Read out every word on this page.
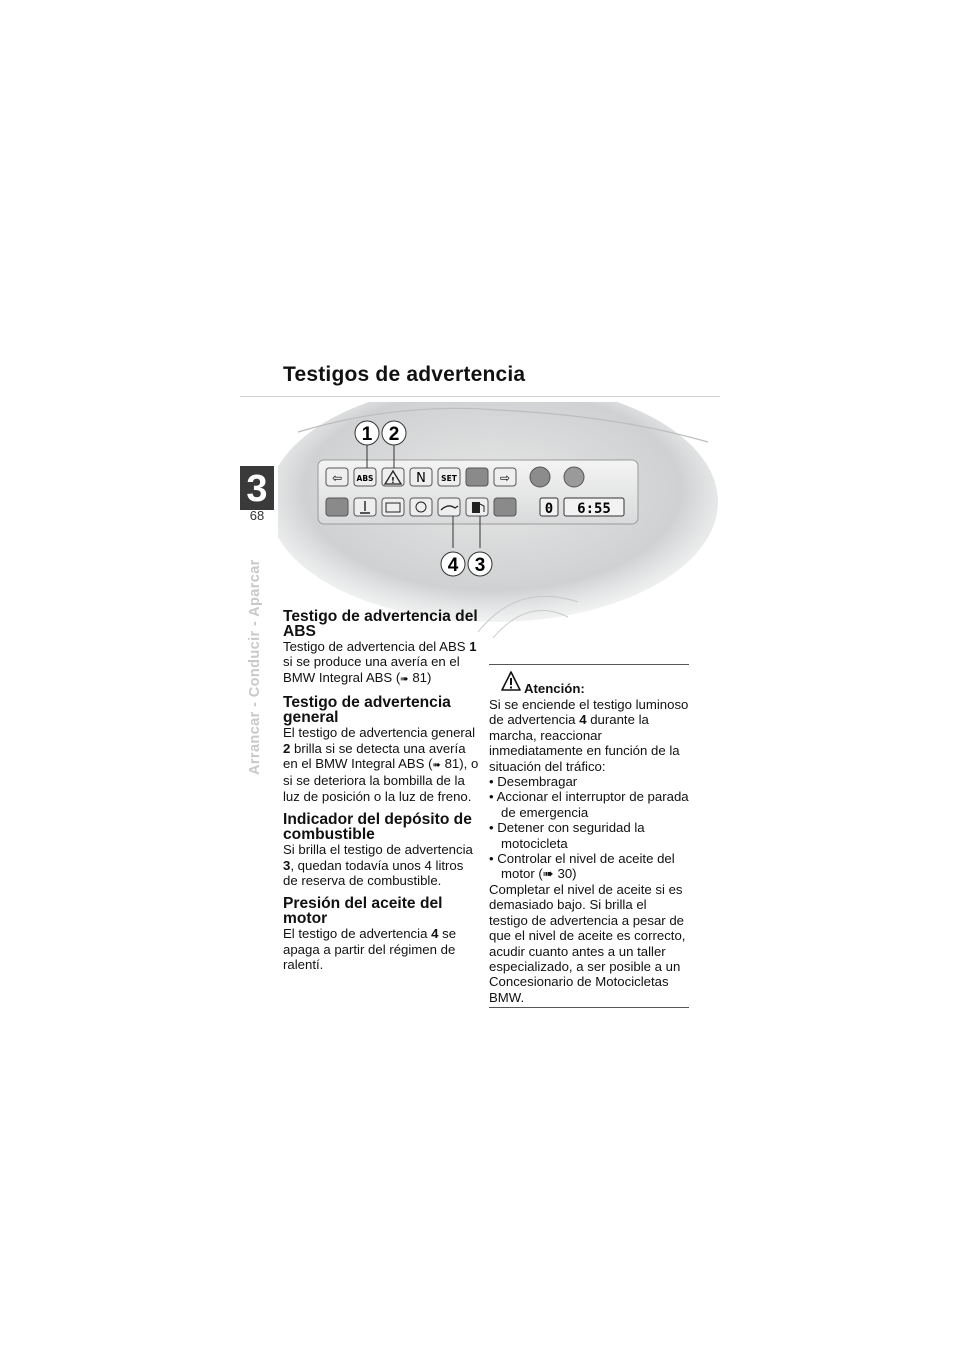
Testigos de advertencia
3
68
Arrancar - Conducir - Aparcar
⇦ ABS ! N SET	⇨
0 6:55
1 2
4 3
Testigo de advertencia del ABS

Testigo de advertencia del ABS 1 si se produce una avería en el BMW Integral ABS (➠ 81)

Testigo de advertencia general

El testigo de advertencia general 2 brilla si se detecta una avería en el BMW Integral ABS (➠ 81), o si se deteriora la bombilla de la luz de posición o la luz de freno.

Indicador del depósito de combustible

Si brilla el testigo de advertencia 3, quedan todavía unos 4 litros de reserva de combustible.

Presión del aceite del motor

El testigo de advertencia 4 se apaga a partir del régimen de ralentí.

Atención:

Si se enciende el testigo luminoso de advertencia 4 durante la marcha, reaccionar inmediatamente en función de la situación del tráfico:

• Desembragar
• Accionar el interruptor de parada de emergencia
• Detener con seguridad la motocicleta
• Controlar el nivel de aceite del motor (➠ 30)

Completar el nivel de aceite si es demasiado bajo. Si brilla el testigo de advertencia a pesar de que el nivel de aceite es correcto, acudir cuanto antes a un taller especializado, a ser posible a un Concesionario de Motocicletas BMW.
